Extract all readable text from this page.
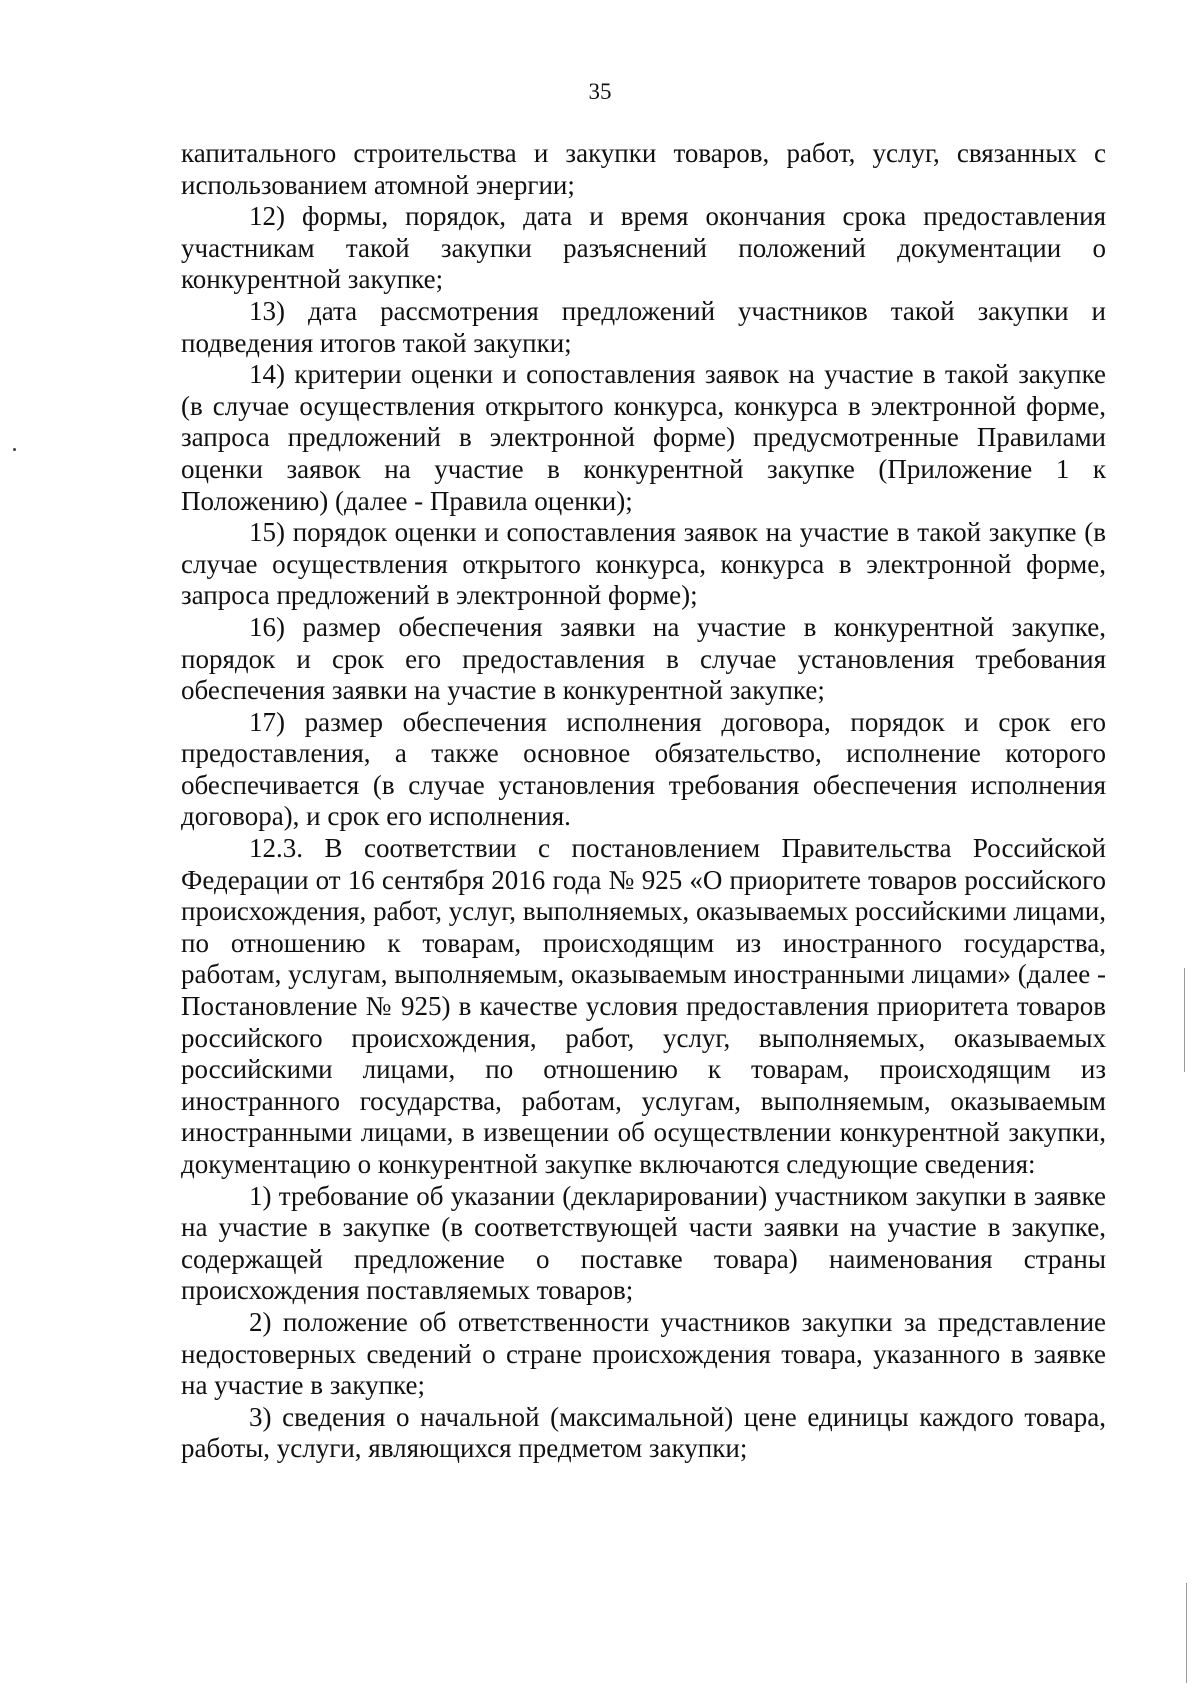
35

капитального строительства и закупки товаров, работ, услуг, связанных с использованием атомной энергии;

12) формы, порядок, дата и время окончания срока предоставления участникам такой закупки разъяснений положений документации о конкурентной закупке;

13) дата рассмотрения предложений участников такой закупки и подведения итогов такой закупки;

14) критерии оценки и сопоставления заявок на участие в такой закупке (в случае осуществления открытого конкурса, конкурса в электронной форме, запроса предложений в электронной форме) предусмотренные Правилами оценки заявок на участие в конкурентной закупке (Приложение 1 к Положению) (далее - Правила оценки);

15) порядок оценки и сопоставления заявок на участие в такой закупке (в случае осуществления открытого конкурса, конкурса в электронной форме, запроса предложений в электронной форме);

16) размер обеспечения заявки на участие в конкурентной закупке, порядок и срок его предоставления в случае установления требования обеспечения заявки на участие в конкурентной закупке;

17) размер обеспечения исполнения договора, порядок и срок его предоставления, а также основное обязательство, исполнение которого обеспечивается (в случае установления требования обеспечения исполнения договора), и срок его исполнения.

12.3. В соответствии с постановлением Правительства Российской Федерации от 16 сентября 2016 года № 925 «О приоритете товаров российского происхождения, работ, услуг, выполняемых, оказываемых российскими лицами, по отношению к товарам, происходящим из иностранного государства, работам, услугам, выполняемым, оказываемым иностранными лицами» (далее - Постановление № 925) в качестве условия предоставления приоритета товаров российского происхождения, работ, услуг, выполняемых, оказываемых российскими лицами, по отношению к товарам, происходящим из иностранного государства, работам, услугам, выполняемым, оказываемым иностранными лицами, в извещении об осуществлении конкурентной закупки, документацию о конкурентной закупке включаются следующие сведения:

1) требование об указании (декларировании) участником закупки в заявке на участие в закупке (в соответствующей части заявки на участие в закупке, содержащей предложение о поставке товара) наименования страны происхождения поставляемых товаров;

2) положение об ответственности участников закупки за представление недостоверных сведений о стране происхождения товара, указанного в заявке на участие в закупке;

3) сведения о начальной (максимальной) цене единицы каждого товара, работы, услуги, являющихся предметом закупки;
